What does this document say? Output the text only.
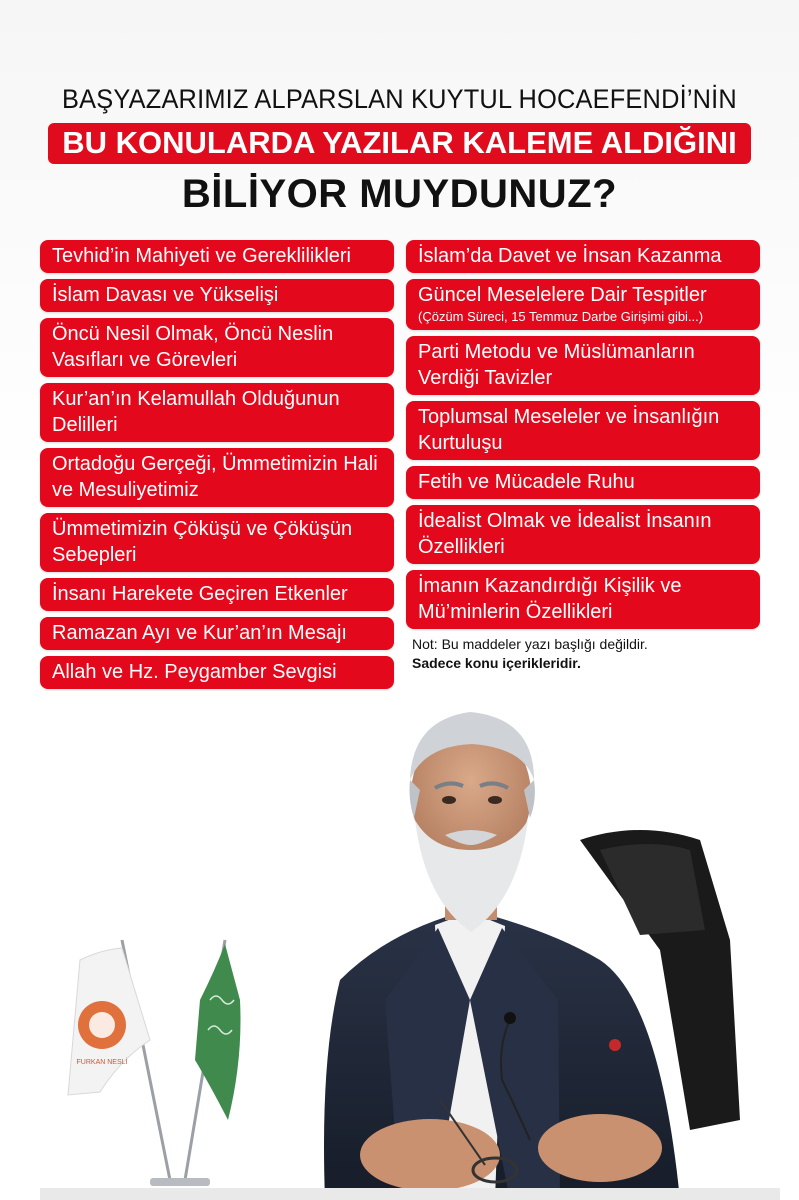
BAŞYAZARIMIZ ALPARSLAN KUYTUL HOCAEFENDİ’NİN
BU KONULARDA YAZILAR KALEME ALDIĞINI
BİLİYOR MUYDUNUZ?
Tevhid’in Mahiyeti ve Gereklilikleri
İslam Davası ve Yükselişi
Öncü Nesil Olmak, Öncü Neslin Vasıfları ve Görevleri
Kur’an’ın Kelamullah Olduğunun Delilleri
Ortadoğu Gerçeği, Ümmetimizin Hali ve Mesuliyetimiz
Ümmetimizin Çöküşü ve Çöküşün Sebepleri
İnsanı Harekete Geçiren Etkenler
Ramazan Ayı ve Kur’an’ın Mesajı
Allah ve Hz. Peygamber Sevgisi
İslam’da Davet ve İnsan Kazanma
Güncel Meselelere Dair Tespitler
(Çözüm Süreci, 15 Temmuz Darbe Girişimi gibi...)
Parti Metodu ve Müslümanların Verdiği Tavizler
Toplumsal Meseleler ve İnsanlığın Kurtuluşu
Fetih ve Mücadele Ruhu
İdealist Olmak ve İdealist İnsanın Özellikleri
İmanın Kazandırdığı Kişilik ve Mü’minlerin Özellikleri
Not: Bu maddeler yazı başlığı değildir.
Sadece konu içerikleridir.
FURKAN NESLİ
